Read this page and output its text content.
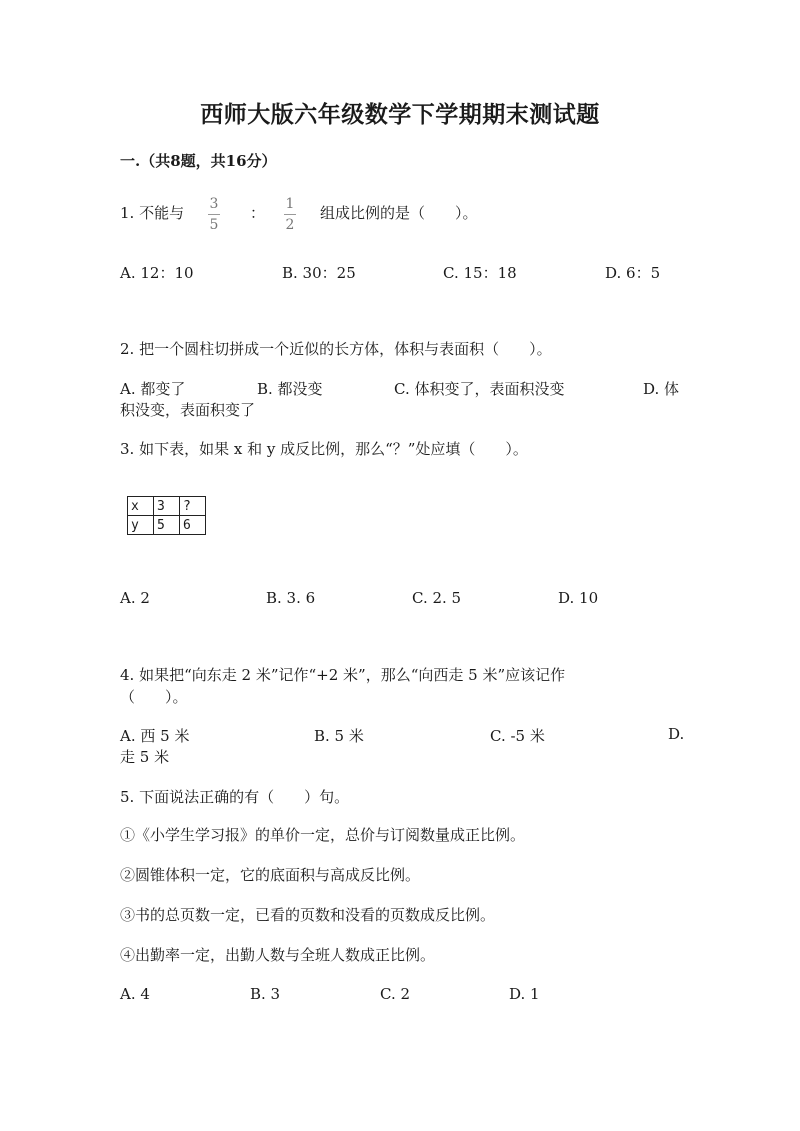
西师大版六年级数学下学期期末测试题
一.（共8题，共16分）
1. 不能与 3
5
： 1
2
组成比例的是（　　）。
A. 12：10	B. 30：25	C. 15：18	D. 6：5
2. 把一个圆柱切拼成一个近似的长方体，体积与表面积（　　）。
A. 都变了	B. 都没变	C. 体积变了，表面积没变	D. 体
积没变，表面积变了
3. 如下表，如果 x 和 y 成反比例，那么“？”处应填（　　）。
x	3	?
y	5	6
A. 2	B. 3. 6	C. 2. 5	D. 10
4. 如果把“向东走 2 米”记作“+2 米”，那么“向西走 5 米”应该记作
（　　）。
A. 西 5 米	B. 5 米	C. -5 米	D.
走 5 米
5. 下面说法正确的有（　　）句。
①《小学生学习报》的单价一定，总价与订阅数量成正比例。
②圆锥体积一定，它的底面积与高成反比例。
③书的总页数一定，已看的页数和没看的页数成反比例。
④出勤率一定，出勤人数与全班人数成正比例。
A. 4	B. 3	C. 2	D. 1
